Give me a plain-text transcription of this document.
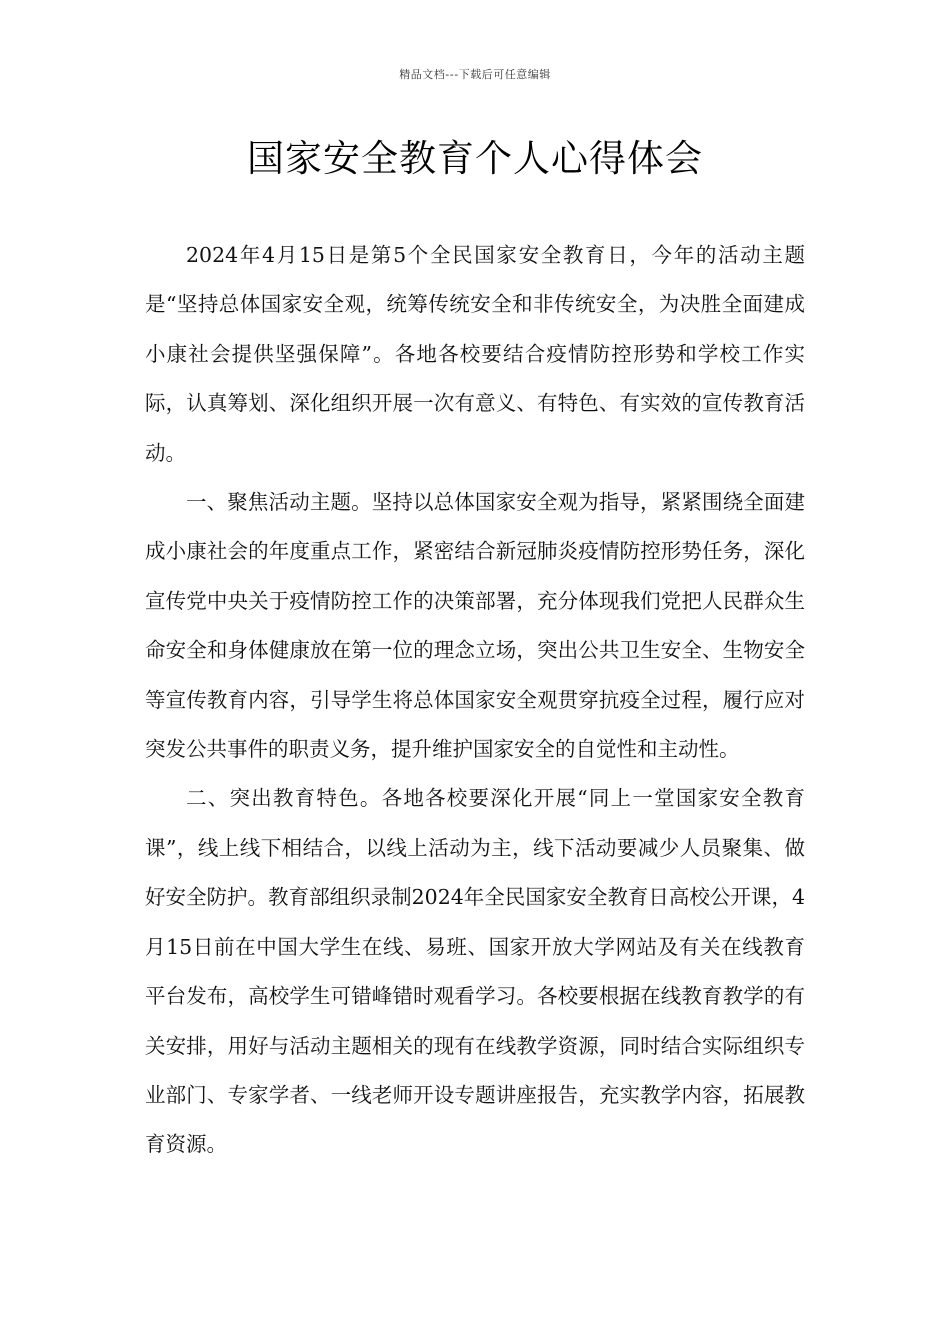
精品文档---下载后可任意编辑
国家安全教育个人心得体会

2024年4月15日是第5个全民国家安全教育日，今年的活动主题是“坚持总体国家安全观，统筹传统安全和非传统安全，为决胜全面建成小康社会提供坚强保障”。各地各校要结合疫情防控形势和学校工作实际，认真筹划、深化组织开展一次有意义、有特色、有实效的宣传教育活动。

一、聚焦活动主题。坚持以总体国家安全观为指导，紧紧围绕全面建成小康社会的年度重点工作，紧密结合新冠肺炎疫情防控形势任务，深化宣传党中央关于疫情防控工作的决策部署，充分体现我们党把人民群众生命安全和身体健康放在第一位的理念立场，突出公共卫生安全、生物安全等宣传教育内容，引导学生将总体国家安全观贯穿抗疫全过程，履行应对突发公共事件的职责义务，提升维护国家安全的自觉性和主动性。

二、突出教育特色。各地各校要深化开展“同上一堂国家安全教育课”，线上线下相结合，以线上活动为主，线下活动要减少人员聚集、做好安全防护。教育部组织录制2024年全民国家安全教育日高校公开课，4月15日前在中国大学生在线、易班、国家开放大学网站及有关在线教育平台发布，高校学生可错峰错时观看学习。各校要根据在线教育教学的有关安排，用好与活动主题相关的现有在线教学资源，同时结合实际组织专业部门、专家学者、一线老师开设专题讲座报告，充实教学内容，拓展教育资源。
